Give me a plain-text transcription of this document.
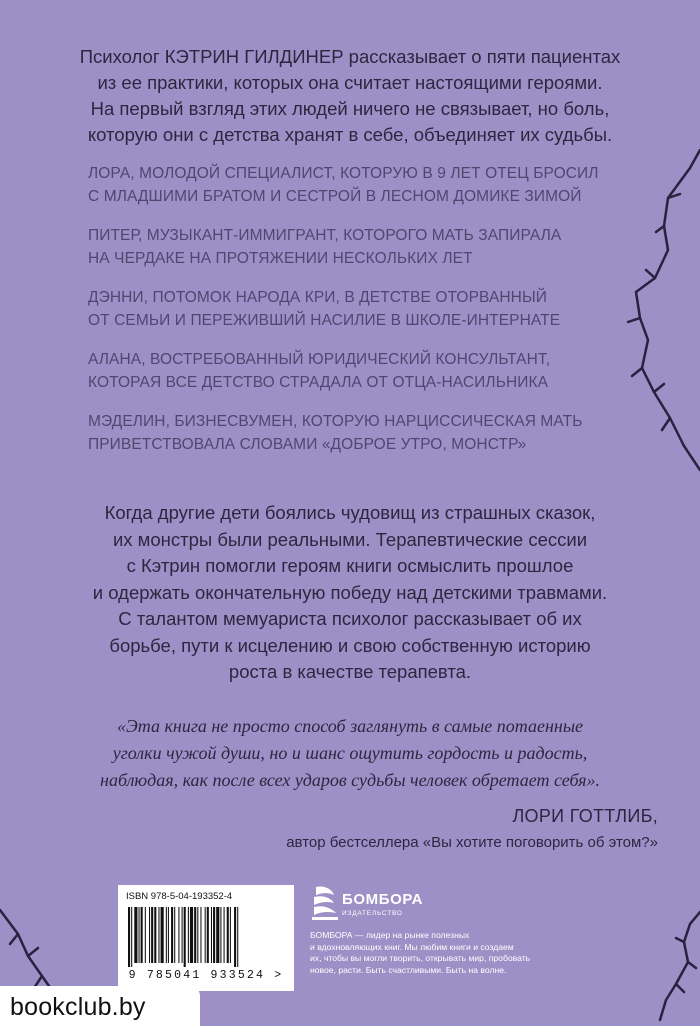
Психолог КЭТРИН ГИЛДИНЕР рассказывает о пяти пациентах
из ее практики, которых она считает настоящими героями.
На первый взгляд этих людей ничего не связывает, но боль,
которую они с детства хранят в себе, объединяет их судьбы.
ЛОРА, МОЛОДОЙ СПЕЦИАЛИСТ, КОТОРУЮ В 9 ЛЕТ ОТЕЦ БРОСИЛ
С МЛАДШИМИ БРАТОМ И СЕСТРОЙ В ЛЕСНОМ ДОМИКЕ ЗИМОЙ
ПИТЕР, МУЗЫКАНТ-ИММИГРАНТ, КОТОРОГО МАТЬ ЗАПИРАЛА
НА ЧЕРДАКЕ НА ПРОТЯЖЕНИИ НЕСКОЛЬКИХ ЛЕТ
ДЭННИ, ПОТОМОК НАРОДА КРИ, В ДЕТСТВЕ ОТОРВАННЫЙ
ОТ СЕМЬИ И ПЕРЕЖИВШИЙ НАСИЛИЕ В ШКОЛЕ-ИНТЕРНАТЕ
АЛАНА, ВОСТРЕБОВАННЫЙ ЮРИДИЧЕСКИЙ КОНСУЛЬТАНТ,
КОТОРАЯ ВСЕ ДЕТСТВО СТРАДАЛА ОТ ОТЦА-НАСИЛЬНИКА
МЭДЕЛИН, БИЗНЕСВУМЕН, КОТОРУЮ НАРЦИССИЧЕСКАЯ МАТЬ
ПРИВЕТСТВОВАЛА СЛОВАМИ «ДОБРОЕ УТРО, МОНСТР»
Когда другие дети боялись чудовищ из страшных сказок,
их монстры были реальными. Терапевтические сессии
с Кэтрин помогли героям книги осмыслить прошлое
и одержать окончательную победу над детскими травмами.
С талантом мемуариста психолог рассказывает об их
борьбе, пути к исцелению и свою собственную историю
роста в качестве терапевта.
«Эта книга не просто способ заглянуть в самые потаенные
уголки чужой души, но и шанс ощутить гордость и радость,
наблюдая, как после всех ударов судьбы человек обретает себя».
ЛОРИ ГОТТЛИБ,
автор бестселлера «Вы хотите поговорить об этом?»
ISBN 978-5-04-193352-4
9 785041 933524 >
БОМБОРА
ИЗДАТЕЛЬСТВО
БОМБОРА — лидер на рынке полезных
и вдохновляющих книг. Мы любим книги и создаем
их, чтобы вы могли творить, открывать мир, пробовать
новое, расти. Быть счастливыми. Быть на волне.
bookclub.by
